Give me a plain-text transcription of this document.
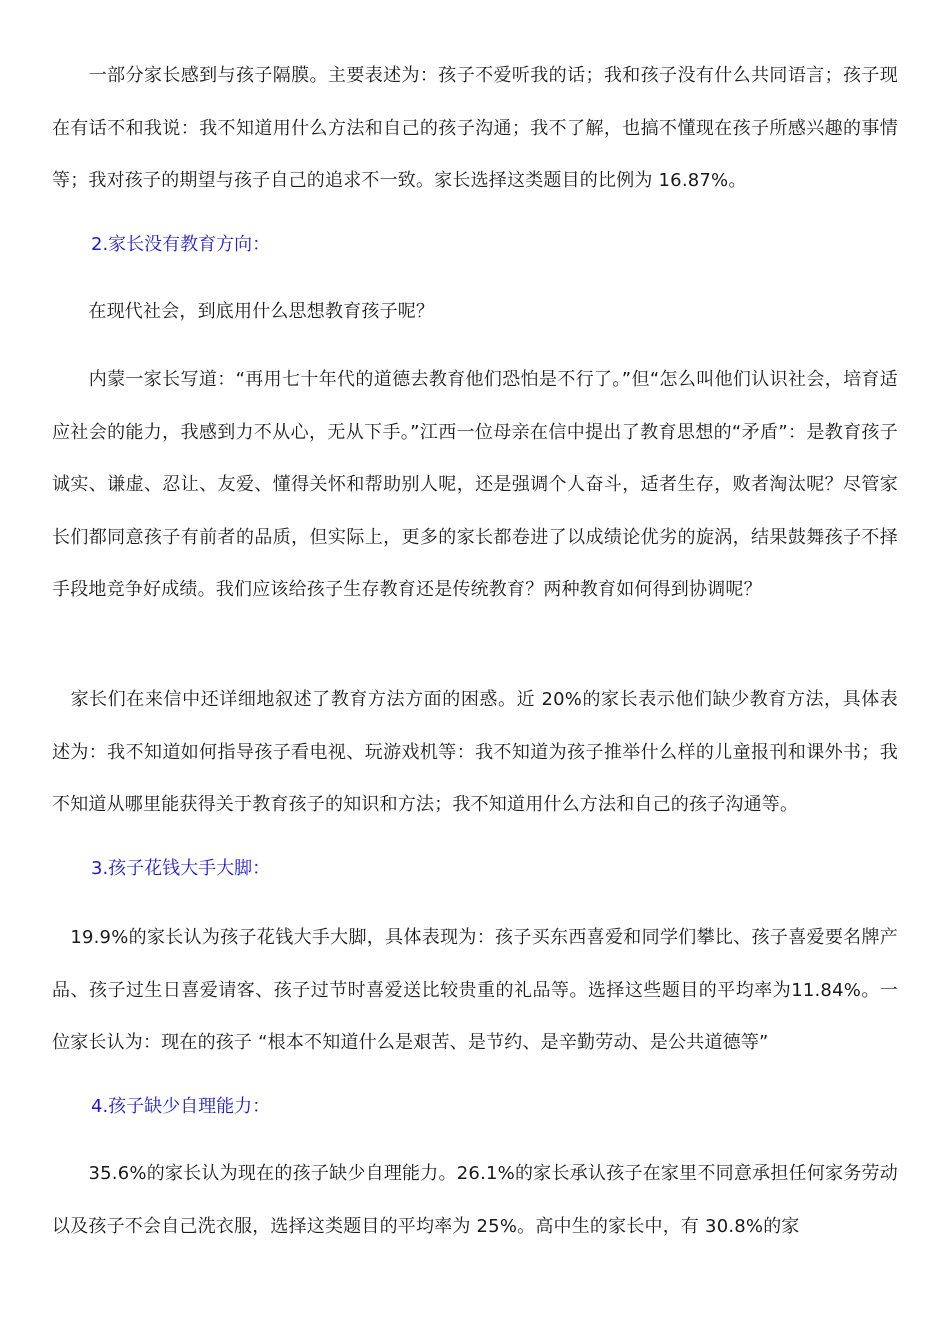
　　一部分家长感到与孩子隔膜。主要表述为：孩子不爱听我的话；我和孩子没有什么共同语言；孩子现在有话不和我说：我不知道用什么方法和自己的孩子沟通；我不了解，也搞不懂现在孩子所感兴趣的事情等；我对孩子的期望与孩子自己的追求不一致。家长选择这类题目的比例为 16.87%。

2.家长没有教育方向：

　　在现代社会，到底用什么思想教育孩子呢？

　　内蒙一家长写道：“再用七十年代的道德去教育他们恐怕是不行了。”但“怎么叫他们认识社会，培育适应社会的能力，我感到力不从心，无从下手。”江西一位母亲在信中提出了教育思想的“矛盾”：是教育孩子诚实、谦虚、忍让、友爱、懂得关怀和帮助别人呢，还是强调个人奋斗，适者生存，败者淘汰呢？尽管家长们都同意孩子有前者的品质，但实际上，更多的家长都卷进了以成绩论优劣的旋涡，结果鼓舞孩子不择手段地竞争好成绩。我们应该给孩子生存教育还是传统教育？两种教育如何得到协调呢？

　家长们在来信中还详细地叙述了教育方法方面的困惑。近 20%的家长表示他们缺少教育方法，具体表述为：我不知道如何指导孩子看电视、玩游戏机等：我不知道为孩子推举什么样的儿童报刊和课外书；我不知道从哪里能获得关于教育孩子的知识和方法；我不知道用什么方法和自己的孩子沟通等。

3.孩子花钱大手大脚：

　19.9%的家长认为孩子花钱大手大脚，具体表现为：孩子买东西喜爱和同学们攀比、孩子喜爱要名牌产品、孩子过生日喜爱请客、孩子过节时喜爱送比较贵重的礼品等。选择这些题目的平均率为11.84%。一位家长认为：现在的孩子 “根本不知道什么是艰苦、是节约、是辛勤劳动、是公共道德等”

4.孩子缺少自理能力：

　　35.6%的家长认为现在的孩子缺少自理能力。26.1%的家长承认孩子在家里不同意承担任何家务劳动以及孩子不会自己洗衣服，选择这类题目的平均率为 25%。高中生的家长中，有 30.8%的家
